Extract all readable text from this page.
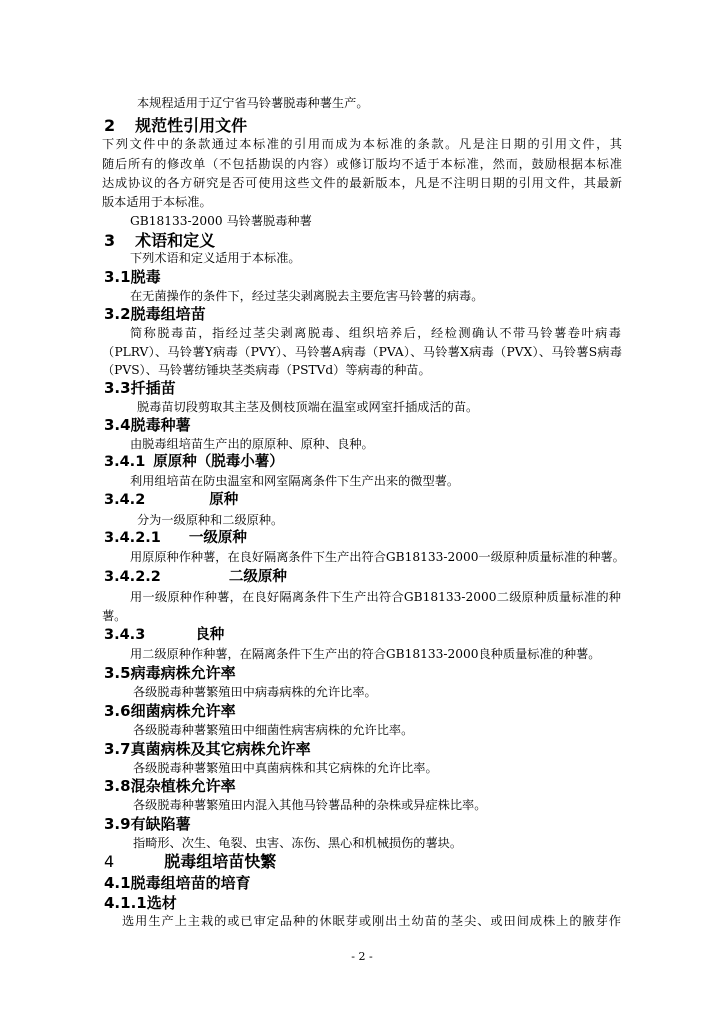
本规程适用于辽宁省马铃薯脱毒种薯生产。
2 规范性引用文件
下列文件中的条款通过本标准的引用而成为本标准的条款。凡是注日期的引用文件，其
随后所有的修改单（不包括勘误的内容）或修订版均不适于本标准，然而，鼓励根据本标准
达成协议的各方研究是否可使用这些文件的最新版本，凡是不注明日期的引用文件，其最新
版本适用于本标准。
GB18133-2000 马铃薯脱毒种薯
3 术语和定义
下列术语和定义适用于本标准。
3.1脱毒
在无菌操作的条件下，经过茎尖剥离脱去主要危害马铃薯的病毒。
3.2脱毒组培苗
简称脱毒苗，指经过茎尖剥离脱毒、组织培养后，经检测确认不带马铃薯卷叶病毒
（PLRV）、马铃薯Y病毒（PVY）、马铃薯A病毒（PVA）、马铃薯X病毒（PVX）、马铃薯S病毒
（PVS）、马铃薯纺锤块茎类病毒（PSTVd）等病毒的种苗。
3.3扦插苗
脱毒苗切段剪取其主茎及侧枝顶端在温室或网室扦插成活的苗。
3.4脱毒种薯
由脱毒组培苗生产出的原原种、原种、良种。
3.4.1 原原种（脱毒小薯）
利用组培苗在防虫温室和网室隔离条件下生产出来的微型薯。
3.4.2	原种
分为一级原种和二级原种。
3.4.2.1 一级原种
用原原种作种薯，在良好隔离条件下生产出符合GB18133-2000一级原种质量标准的种薯。
3.4.2.2	二级原种
用一级原种作种薯，在良好隔离条件下生产出符合GB18133-2000二级原种质量标准的种
薯。
3.4.3	良种
用二级原种作种薯，在隔离条件下生产出的符合GB18133-2000良种质量标准的种薯。
3.5病毒病株允许率
各级脱毒种薯繁殖田中病毒病株的允许比率。
3.6细菌病株允许率
各级脱毒种薯繁殖田中细菌性病害病株的允许比率。
3.7真菌病株及其它病株允许率
各级脱毒种薯繁殖田中真菌病株和其它病株的允许比率。
3.8混杂植株允许率
各级脱毒种薯繁殖田内混入其他马铃薯品种的杂株或异症株比率。
3.9有缺陷薯
指畸形、次生、龟裂、虫害、冻伤、黑心和机械损伤的薯块。
4	脱毒组培苗快繁
4.1脱毒组培苗的培育
4.1.1选材
选用生产上主栽的或已审定品种的休眠芽或刚出土幼苗的茎尖、或田间成株上的腋芽作
- 2 -
